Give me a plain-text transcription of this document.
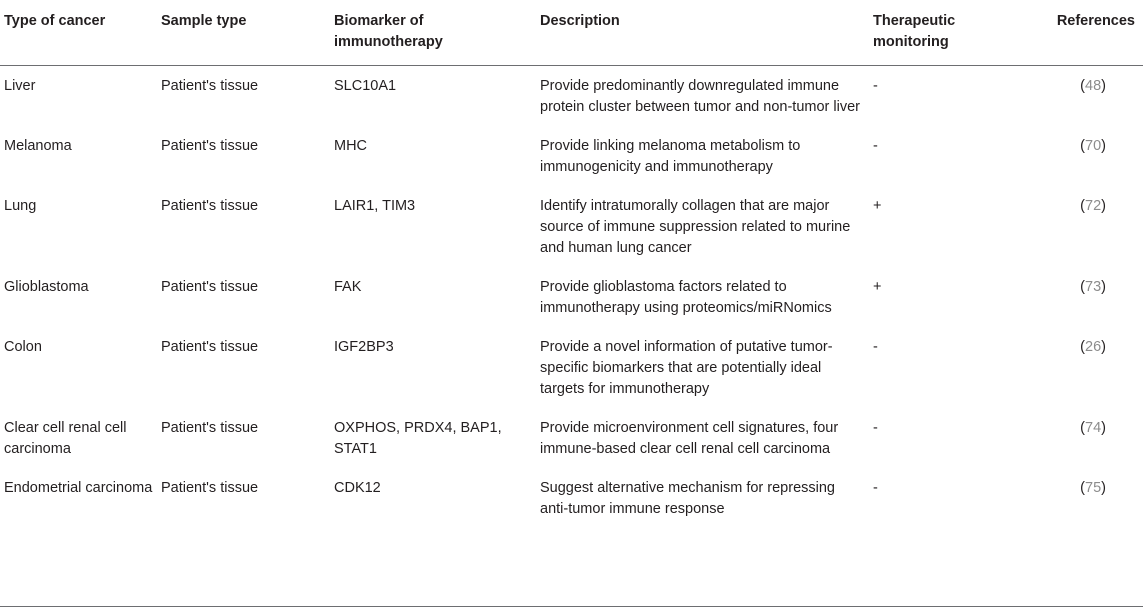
Type of cancer	Sample type	Biomarker of immunotherapy	Description	Therapeutic monitoring	References
Liver	Patient's tissue	SLC10A1	Provide predominantly downregulated immune protein cluster between tumor and non-tumor liver	-	(48)
Melanoma	Patient's tissue	MHC	Provide linking melanoma metabolism to immunogenicity and immunotherapy	-	(70)
Lung	Patient's tissue	LAIR1, TIM3	Identify intratumorally collagen that are major source of immune suppression related to murine and human lung cancer	+	(72)
Glioblastoma	Patient's tissue	FAK	Provide glioblastoma factors related to immunotherapy using proteomics/miRNomics	+	(73)
Colon	Patient's tissue	IGF2BP3	Provide a novel information of putative tumor-specific biomarkers that are potentially ideal targets for immunotherapy	-	(26)
Clear cell renal cell carcinoma	Patient's tissue	OXPHOS, PRDX4, BAP1, STAT1	Provide microenvironment cell signatures, four immune-based clear cell renal cell carcinoma	-	(74)
Endometrial carcinoma	Patient's tissue	CDK12	Suggest alternative mechanism for repressing anti-tumor immune response	-	(75)
